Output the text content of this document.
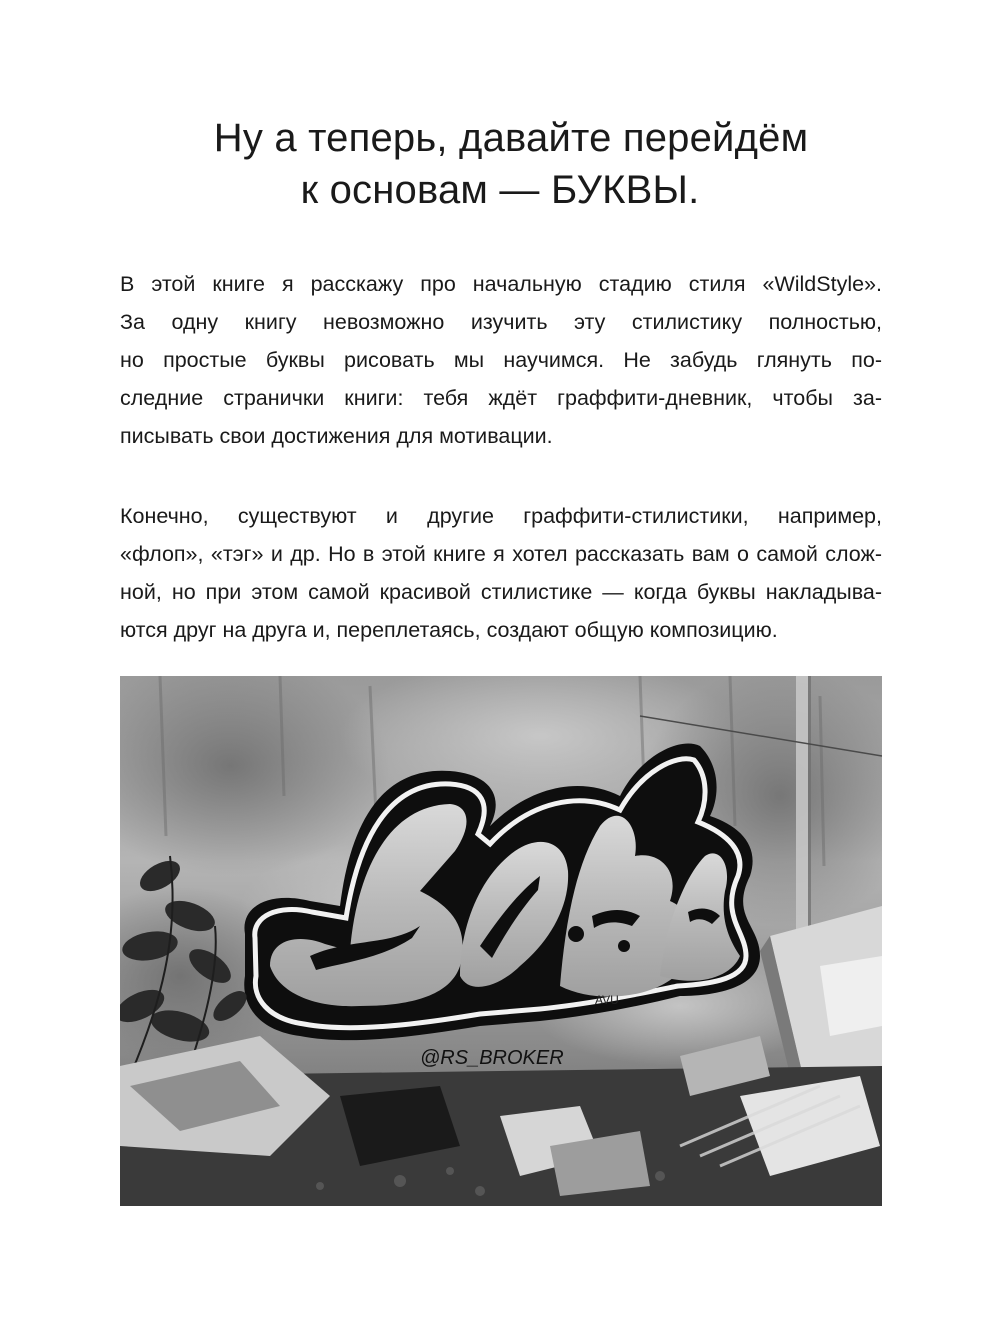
Ну а теперь, давайте перейдём
к основам — БУКВЫ.

В этой книге я расскажу про начальную стадию стиля «WildStyle».
За одну книгу невозможно изучить эту стилистику полностью,
но простые буквы рисовать мы научимся. Не забудь глянуть по-
следние странички книги: тебя ждёт граффити-дневник, чтобы за-
писывать свои достижения для мотивации.

Конечно, существуют и другие граффити-стилистики, например,
«флоп», «тэг» и др. Но в этой книге я хотел рассказать вам о самой слож-
ной, но при этом самой красивой стилистике — когда буквы накладыва-
ются друг на друга и, переплетаясь, создают общую композицию.

@RS_BROKER
AVU
